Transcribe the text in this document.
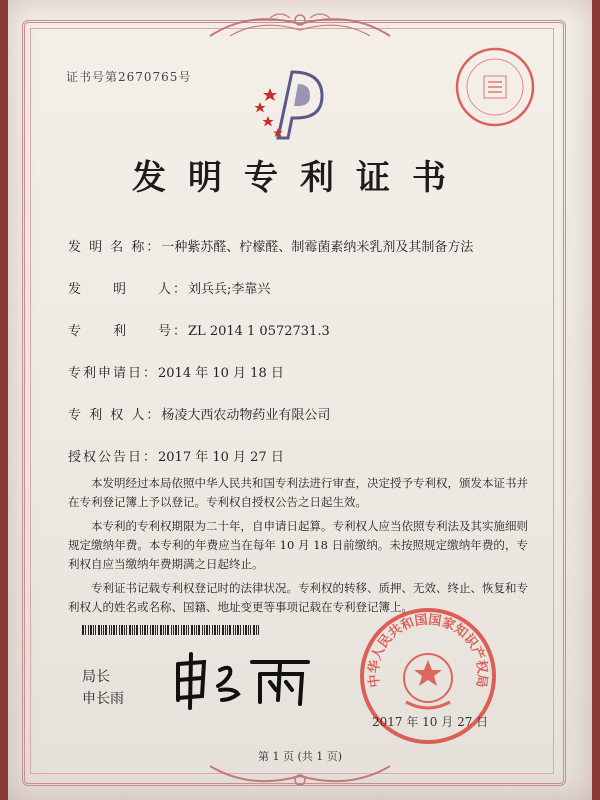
证书号第2670765号
发明专利证书
发 明 名 称：一种紫苏醛、柠檬醛、制霉菌素纳米乳剂及其制备方法
发　　明　　人：刘兵兵;李靠兴
专　　利　　号：ZL 2014 1 0572731.3
专利申请日：2014 年 10 月 18 日
专 利 权 人：杨凌大西农动物药业有限公司
授权公告日：2017 年 10 月 27 日

本发明经过本局依照中华人民共和国专利法进行审查，决定授予专利权，颁发本证书并在专利登记簿上予以登记。专利权自授权公告之日起生效。

本专利的专利权期限为二十年，自申请日起算。专利权人应当依照专利法及其实施细则规定缴纳年费。本专利的年费应当在每年 10 月 18 日前缴纳。未按照规定缴纳年费的，专利权自应当缴纳年费期满之日起终止。

专利证书记载专利权登记时的法律状况。专利权的转移、质押、无效、终止、恢复和专利权人的姓名或名称、国籍、地址变更等事项记载在专利登记簿上。

局长
申长雨
中华人民共和国国家知识产权局
2017 年 10 月 27 日
第 1 页 (共 1 页)
